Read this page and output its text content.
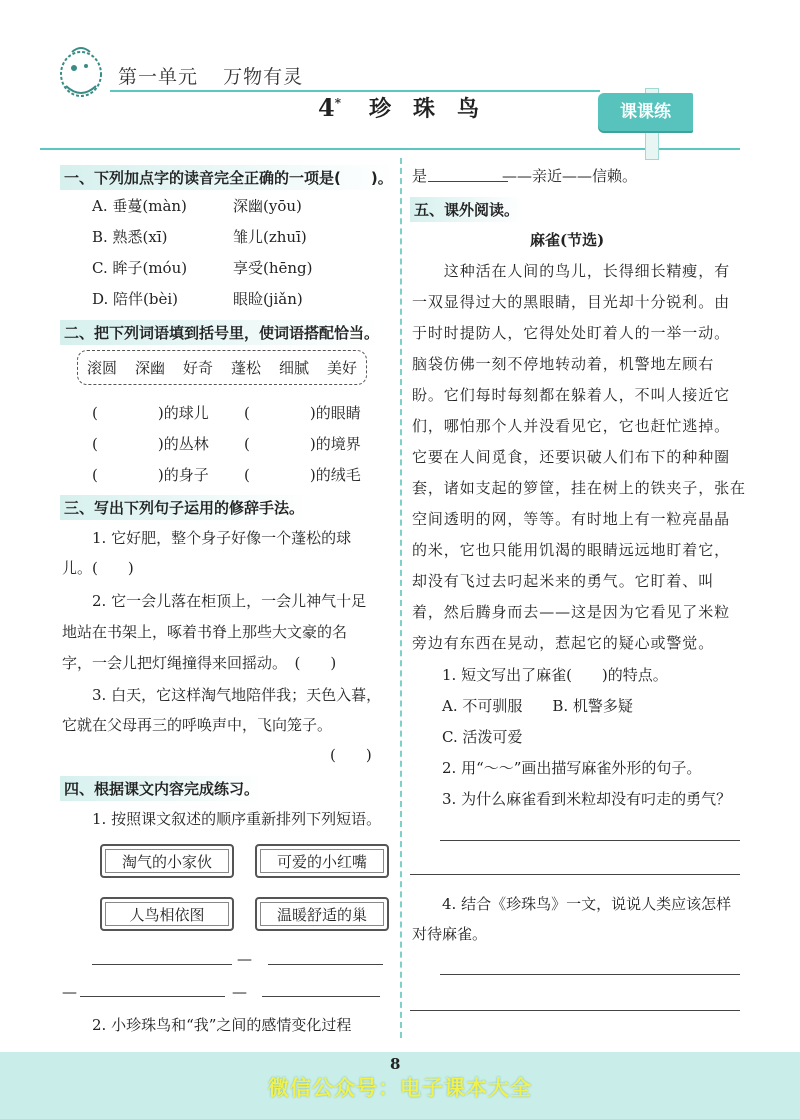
第一单元 万物有灵
4* 珍珠鸟	课课练
一、下列加点字的读音完全正确的一项是(　　)。
A. 垂蔓(màn)	深幽(yōu)
B. 熟悉(xī)	雏儿(zhuī)
C. 眸子(móu)	享受(hēng)
D. 陪伴(bèi)	眼睑(jiǎn)
二、把下列词语填到括号里，使词语搭配恰当。
滚圆 深幽 好奇 蓬松 细腻 美好
(　　　　)的球儿 (　　　　)的眼睛
(　　　　)的丛林 (　　　　)的境界
(　　　　)的身子 (　　　　)的绒毛
三、写出下列句子运用的修辞手法。
1. 它好肥，整个身子好像一个蓬松的球
儿。(　　)
2. 它一会儿落在柜顶上，一会儿神气十足
地站在书架上，啄着书脊上那些大文豪的名
字，一会儿把灯绳撞得来回摇动。　(　　)
3. 白天，它这样淘气地陪伴我；天色入暮，
它就在父母再三的呼唤声中，飞向笼子。
(　　)
四、根据课文内容完成练习。
1. 按照课文叙述的顺序重新排列下列短语。
淘气的小家伙	可爱的小红嘴
人鸟相依图	温暖舒适的巢
—
—	—
2. 小珍珠鸟和“我”之间的感情变化过程
是　　　　　——亲近——信赖。
五、课外阅读。
麻雀(节选)
　　这种活在人间的鸟儿，长得细长精瘦，有
一双显得过大的黑眼睛，目光却十分锐利。由
于时时提防人，它得处处盯着人的一举一动。
脑袋仿佛一刻不停地转动着，机警地左顾右
盼。它们每时每刻都在躲着人，不叫人接近它
们，哪怕那个人并没看见它，它也赶忙逃掉。
它要在人间觅食，还要识破人们布下的种种圈
套，诸如支起的箩筐，挂在树上的铁夹子，张在
空间透明的网，等等。有时地上有一粒亮晶晶
的米，它也只能用饥渴的眼睛远远地盯着它，
却没有飞过去叼起米来的勇气。它盯着、叫
着，然后腾身而去——这是因为它看见了米粒
旁边有东西在晃动，惹起它的疑心或警觉。
1. 短文写出了麻雀(　　)的特点。
A. 不可驯服　　B. 机警多疑
C. 活泼可爱
2. 用“～～”画出描写麻雀外形的句子。
3. 为什么麻雀看到米粒却没有叼走的勇气？
4. 结合《珍珠鸟》一文，说说人类应该怎样
对待麻雀。
8
微信公众号：电子课本大全
